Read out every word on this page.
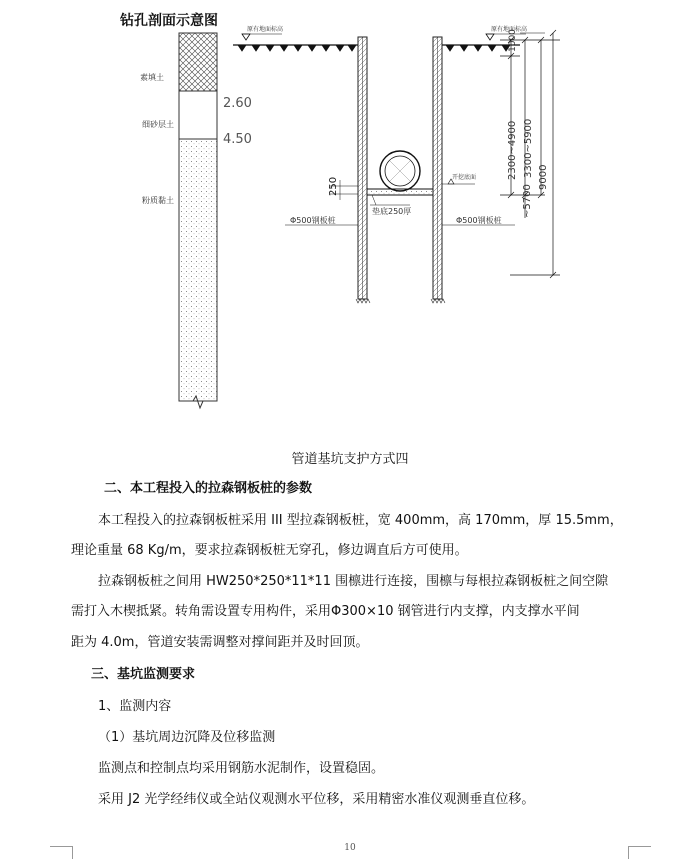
钻孔剖面示意图
素填土
细砂层土
粉质黏土
2.60
4.50
原有地面标高	原有地面标高
250	开挖底面
垫底250厚
Φ500钢板桩	Φ500钢板桩
1000
2300~4900 3300~5900 9000
~5700
管道基坑支护方式四
二、本工程投入的拉森钢板桩的参数
本工程投入的拉森钢板桩采用 III 型拉森钢板桩，宽 400mm，高 170mm，厚 15.5mm，
理论重量 68 Kg/m，要求拉森钢板桩无穿孔，修边调直后方可使用。
拉森钢板桩之间用 HW250*250*11*11 围檩进行连接，围檩与每根拉森钢板桩之间空隙
需打入木楔抵紧。转角需设置专用构件，采用Φ300×10 钢管进行内支撑，内支撑水平间
距为 4.0m，管道安装需调整对撑间距并及时回顶。
三、基坑监测要求
1、监测内容
（1）基坑周边沉降及位移监测
监测点和控制点均采用钢筋水泥制作，设置稳固。
采用 J2 光学经纬仪或全站仪观测水平位移，采用精密水准仪观测垂直位移。
10
